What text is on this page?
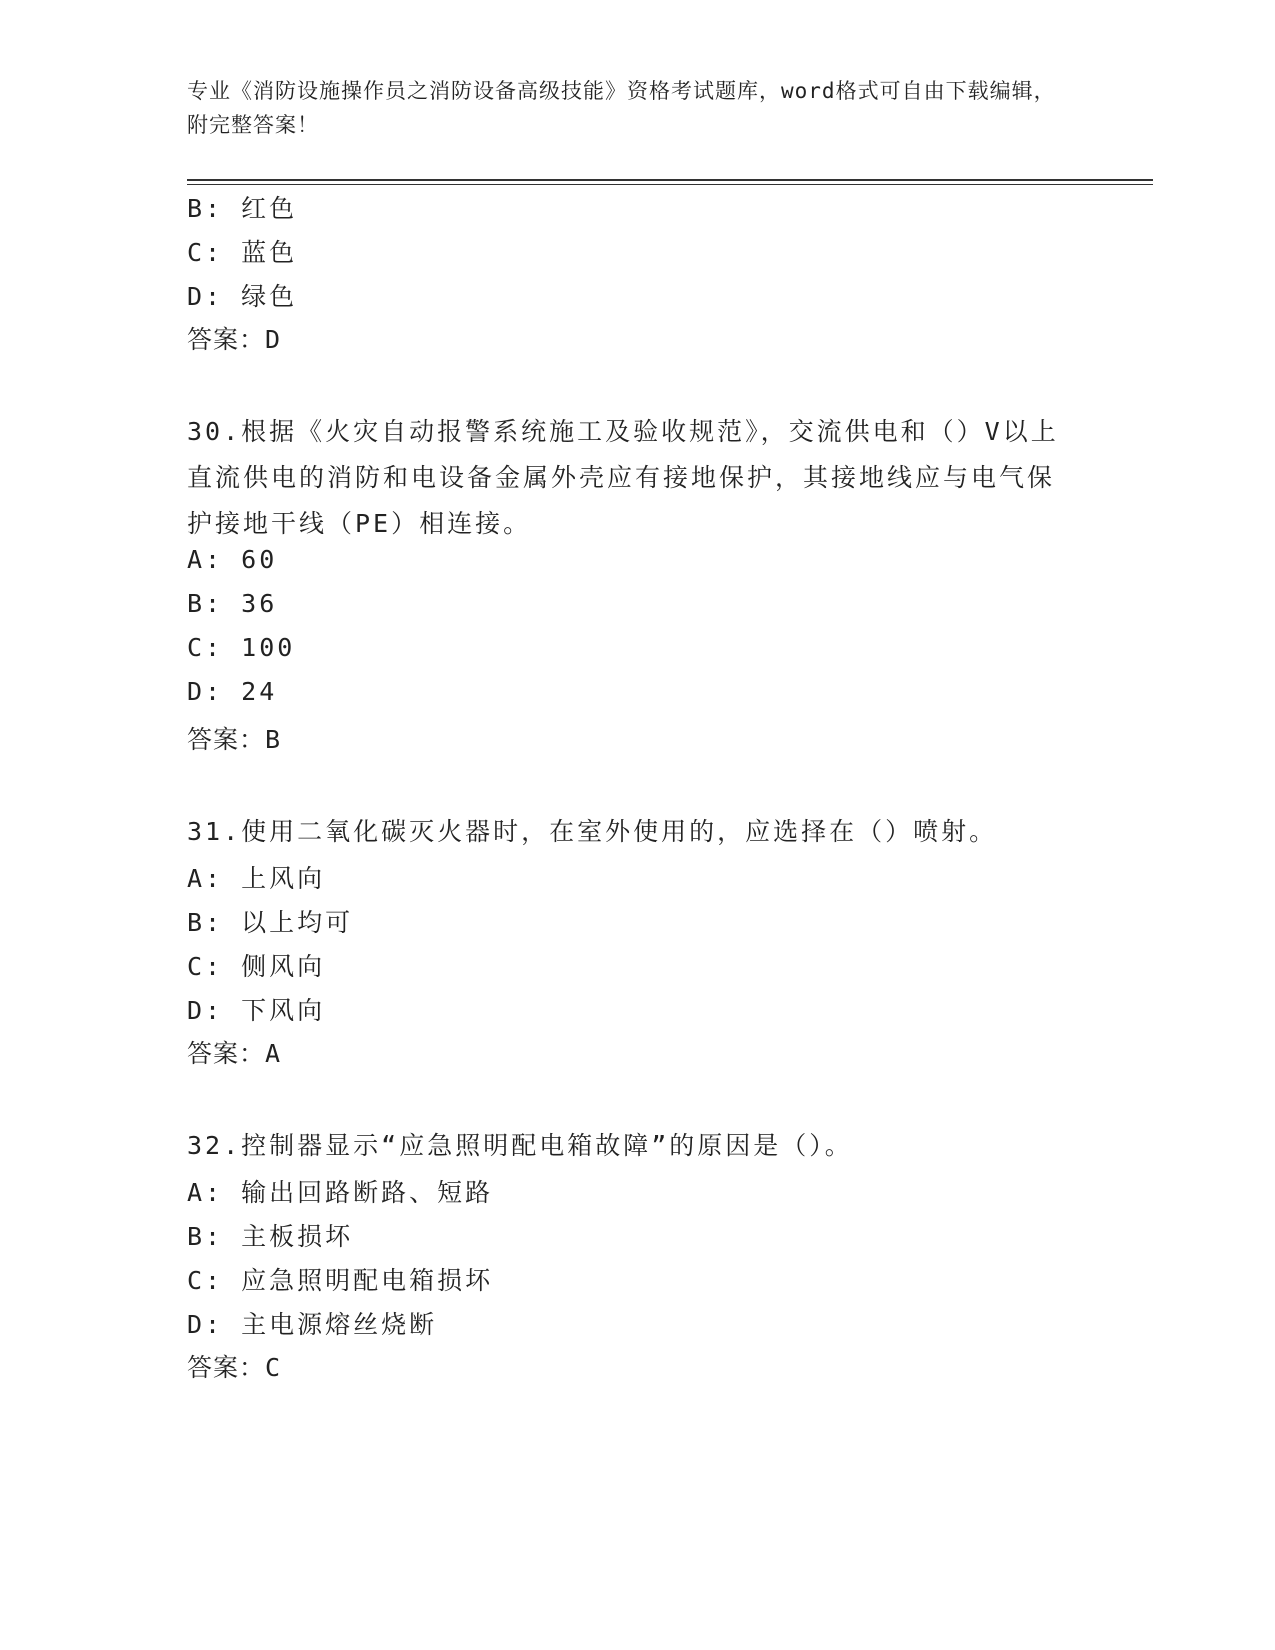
专业《消防设施操作员之消防设备高级技能》资格考试题库，word格式可自由下载编辑，附完整答案！
B: 红色
C: 蓝色
D: 绿色
答案：D
30.根据《火灾自动报警系统施工及验收规范》，交流供电和（）V以上直流供电的消防和电设备金属外壳应有接地保护，其接地线应与电气保护接地干线（PE）相连接。
A: 60
B: 36
C: 100
D: 24
答案：B
31.使用二氧化碳灭火器时，在室外使用的，应选择在（）喷射。
A: 上风向
B: 以上均可
C: 侧风向
D: 下风向
答案：A
32.控制器显示“应急照明配电箱故障”的原因是（）。
A: 输出回路断路、短路
B: 主板损坏
C: 应急照明配电箱损坏
D: 主电源熔丝烧断
答案：C
